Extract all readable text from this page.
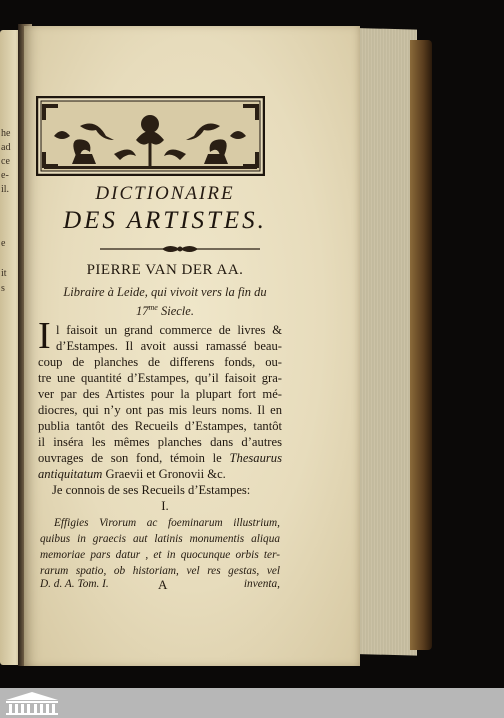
he
ad
ce
e-
il.
e
it
s
DICTIONAIRE
DES ARTISTES.
PIERRE VAN DER AA.
Libraire à Leide, qui vivoit vers la fin du
$17^{me}$ Siecle.
I l faisoit un grand commerce de livres &
d’Estampes. Il avoit aussi ramassé beau-
coup de planches de differens fonds, ou-
tre une quantité d’Estampes, qu’il faisoit gra-
ver par des Artistes pour la plupart fort mé-
diocres, qui n’y ont pas mis leurs noms. Il en
publia tantôt des Recueils d’Estampes, tantôt
il inséra les mêmes planches dans d’autres
ouvrages de son fond, témoin le Thesaurus
antiquitatum Graevii et Gronovii &c.
Je connois de ses Recueils d’Estampes:
I.
Effigies Virorum ac foeminarum illustrium,
quibus in graecis aut latinis monumentis aliqua
memoriae pars datur , et in quocunque orbis ter-
rarum spatio, ob historiam, vel res gestas, vel
D. d. A. Tom. I.	A	inventa,
